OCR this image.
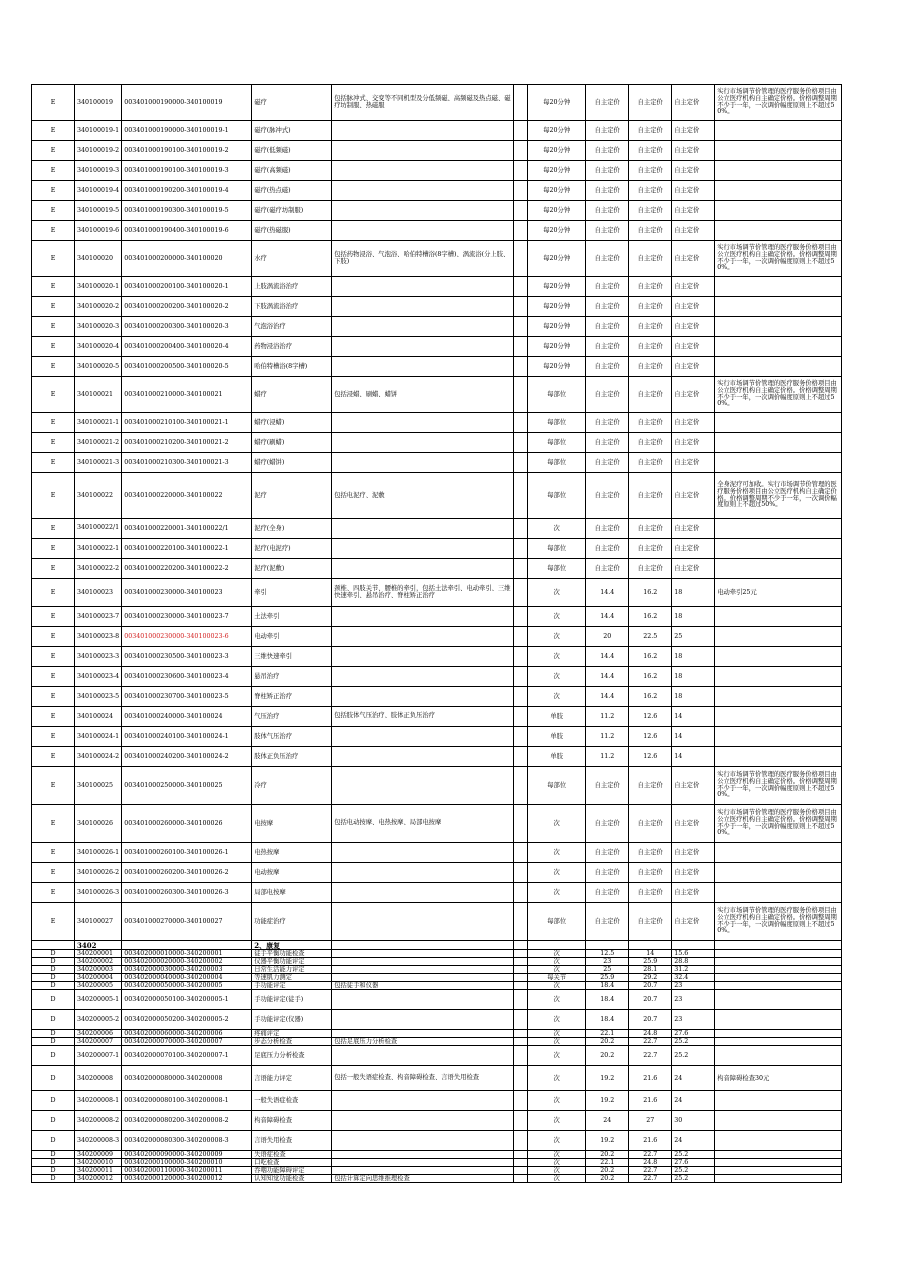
E	340100019	003401000190000-340100019	磁疗	包括脉冲式、交变等不同机型及分低频磁、高频磁及热点磁、磁疗坊制服、热磁服		每20分钟	自主定价	自主定价	自主定价	实行市场调节价管理的医疗服务价格项目由公立医疗机构自主确定价格。价格调整周期不少于一年，一次调价幅度原则上不超过50%。
E	340100019-1	003401000190000-340100019-1	磁疗(脉冲式)			每20分钟	自主定价	自主定价	自主定价	
E	340100019-2	003401000190100-340100019-2	磁疗(低频磁)			每20分钟	自主定价	自主定价	自主定价	
E	340100019-3	003401000190100-340100019-3	磁疗(高频磁)			每20分钟	自主定价	自主定价	自主定价	
E	340100019-4	003401000190200-340100019-4	磁疗(热点磁)			每20分钟	自主定价	自主定价	自主定价	
E	340100019-5	003401000190300-340100019-5	磁疗(磁疗坊制服)			每20分钟	自主定价	自主定价	自主定价	
E	340100019-6	003401000190400-340100019-6	磁疗(热磁服)			每20分钟	自主定价	自主定价	自主定价	
E	340100020	003401000200000-340100020	水疗	包括药物浸浴、气泡浴、哈伯特槽浴(8字槽)、涡流浴(分上肢、下肢)		每20分钟	自主定价	自主定价	自主定价	实行市场调节价管理的医疗服务价格项目由公立医疗机构自主确定价格。价格调整周期不少于一年，一次调价幅度原则上不超过50%。
E	340100020-1	003401000200100-340100020-1	上肢涡流浴治疗			每20分钟	自主定价	自主定价	自主定价	
E	340100020-2	003401000200200-340100020-2	下肢涡流浴治疗			每20分钟	自主定价	自主定价	自主定价	
E	340100020-3	003401000200300-340100020-3	气泡浴治疗			每20分钟	自主定价	自主定价	自主定价	
E	340100020-4	003401000200400-340100020-4	药物浸浴治疗			每20分钟	自主定价	自主定价	自主定价	
E	340100020-5	003401000200500-340100020-5	哈伯特槽浴(8字槽)			每20分钟	自主定价	自主定价	自主定价	
E	340100021	003401000210000-340100021	蜡疗	包括浸蜡、刷蜡、蜡饼		每部位	自主定价	自主定价	自主定价	实行市场调节价管理的医疗服务价格项目由公立医疗机构自主确定价格。价格调整周期不少于一年，一次调价幅度原则上不超过50%。
E	340100021-1	003401000210100-340100021-1	蜡疗(浸蜡)			每部位	自主定价	自主定价	自主定价	
E	340100021-2	003401000210200-340100021-2	蜡疗(刷蜡)			每部位	自主定价	自主定价	自主定价	
E	340100021-3	003401000210300-340100021-3	蜡疗(蜡饼)			每部位	自主定价	自主定价	自主定价	
E	340100022	003401000220000-340100022	泥疗	包括电泥疗、泥敷		每部位	自主定价	自主定价	自主定价	全身泥疗可加收。实行市场调节价管理的医疗服务价格项目由公立医疗机构自主确定价格。价格调整周期不少于一年，一次调价幅度原则上不超过50%。
E	340100022/1	003401000220001-340100022/1	泥疗(全身)			次	自主定价	自主定价	自主定价	
E	340100022-1	003401000220100-340100022-1	泥疗(电泥疗)			每部位	自主定价	自主定价	自主定价	
E	340100022-2	003401000220200-340100022-2	泥疗(泥敷)			每部位	自主定价	自主定价	自主定价	
E	340100023	003401000230000-340100023	牵引	颈椎、四肢关节、腰椎的牵引，包括土法牵引、电动牵引、三维快速牵引、悬吊治疗、脊柱矫正治疗		次	14.4	16.2	18	电动牵引25元
E	340100023-7	003401000230000-340100023-7	土法牵引			次	14.4	16.2	18	
E	340100023-8	003401000230000-340100023-6	电动牵引			次	20	22.5	25	
E	340100023-3	003401000230500-340100023-3	三维快速牵引			次	14.4	16.2	18	
E	340100023-4	003401000230600-340100023-4	悬吊治疗			次	14.4	16.2	18	
E	340100023-5	003401000230700-340100023-5	脊柱矫正治疗			次	14.4	16.2	18	
E	340100024	003401000240000-340100024	气压治疗	包括肢体气压治疗、肢体正负压治疗		单肢	11.2	12.6	14	
E	340100024-1	003401000240100-340100024-1	肢体气压治疗			单肢	11.2	12.6	14	
E	340100024-2	003401000240200-340100024-2	肢体正负压治疗			单肢	11.2	12.6	14	
E	340100025	003401000250000-340100025	冷疗			每部位	自主定价	自主定价	自主定价	实行市场调节价管理的医疗服务价格项目由公立医疗机构自主确定价格。价格调整周期不少于一年，一次调价幅度原则上不超过50%。
E	340100026	003401000260000-340100026	电按摩	包括电动按摩、电热按摩、局部电按摩		次	自主定价	自主定价	自主定价	实行市场调节价管理的医疗服务价格项目由公立医疗机构自主确定价格。价格调整周期不少于一年，一次调价幅度原则上不超过50%。
E	340100026-1	003401000260100-340100026-1	电热按摩			次	自主定价	自主定价	自主定价	
E	340100026-2	003401000260200-340100026-2	电动按摩			次	自主定价	自主定价	自主定价	
E	340100026-3	003401000260300-340100026-3	局部电按摩			次	自主定价	自主定价	自主定价	
E	340100027	003401000270000-340100027	功能症治疗			每部位	自主定价	自主定价	自主定价	实行市场调节价管理的医疗服务价格项目由公立医疗机构自主确定价格。价格调整周期不少于一年，一次调价幅度原则上不超过50%。
	3402		2、康复							
D	340200001	003402000010000-340200001	徒手平衡功能检查			次	12.5	14	15.6	
D	340200002	003402000020000-340200002	仪器平衡功能评定			次	23	25.9	28.8	
D	340200003	003402000030000-340200003	日常生活能力评定			次	25	28.1	31.2	
D	340200004	003402000040000-340200004	等速肌力测定			每关节	25.9	29.2	32.4	
D	340200005	003402000050000-340200005	手功能评定	包括徒手和仪器		次	18.4	20.7	23	
D	340200005-1	003402000050100-340200005-1	手功能评定(徒手)			次	18.4	20.7	23	
D	340200005-2	003402000050200-340200005-2	手功能评定(仪器)			次	18.4	20.7	23	
D	340200006	003402000060000-340200006	疼痛评定			次	22.1	24.8	27.6	
D	340200007	003402000070000-340200007	步态分析检查	包括足底压力分析检查		次	20.2	22.7	25.2	
D	340200007-1	003402000070100-340200007-1	足底压力分析检查			次	20.2	22.7	25.2	
D	340200008	003402000080000-340200008	言语能力评定	包括一般失语症检查、构音障碍检查、言语失用检查		次	19.2	21.6	24	构音障碍检查30元
D	340200008-1	003402000080100-340200008-1	一般失语症检查			次	19.2	21.6	24	
D	340200008-2	003402000080200-340200008-2	构音障碍检查			次	24	27	30	
D	340200008-3	003402000080300-340200008-3	言语失用检查			次	19.2	21.6	24	
D	340200009	003402000090000-340200009	失语症检查			次	20.2	22.7	25.2	
D	340200010	003402000100000-340200010	口吃检查			次	22.1	24.8	27.6	
D	340200011	003402000110000-340200011	吞咽功能障碍评定			次	20.2	22.7	25.2	
D	340200012	003402000120000-340200012	认知知觉功能检查	包括计算定向思维推理检查		次	20.2	22.7	25.2	
